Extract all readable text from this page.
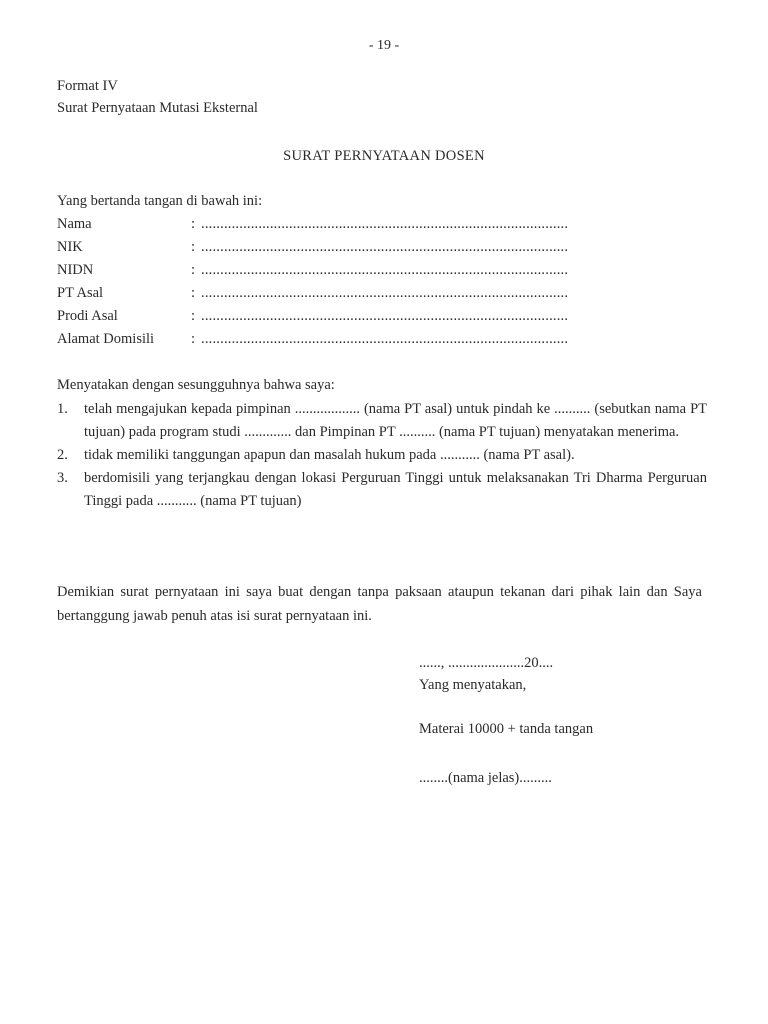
- 19 -
Format IV
Surat Pernyataan Mutasi Eksternal
SURAT PERNYATAAN DOSEN
Yang bertanda tangan di bawah ini:
Nama	: ................................................................................................
NIK	: ................................................................................................
NIDN	: ................................................................................................
PT Asal	: ................................................................................................
Prodi Asal	: ................................................................................................
Alamat Domisili	: ................................................................................................
Menyatakan dengan sesungguhnya bahwa saya:
1. telah mengajukan kepada pimpinan .................. (nama PT asal) untuk pindah ke .......... (sebutkan nama PT tujuan) pada program studi ............. dan Pimpinan PT .......... (nama PT tujuan) menyatakan menerima.
2. tidak memiliki tanggungan apapun dan masalah hukum pada ........... (nama PT asal).
3. berdomisili yang terjangkau dengan lokasi Perguruan Tinggi untuk melaksanakan Tri Dharma Perguruan Tinggi pada ........... (nama PT tujuan)
Demikian surat pernyataan ini saya buat dengan tanpa paksaan ataupun tekanan dari pihak lain dan Saya bertanggung jawab penuh atas isi surat pernyataan ini.
......, .....................20....
Yang menyatakan,
Materai 10000 + tanda tangan
........(nama jelas).........
